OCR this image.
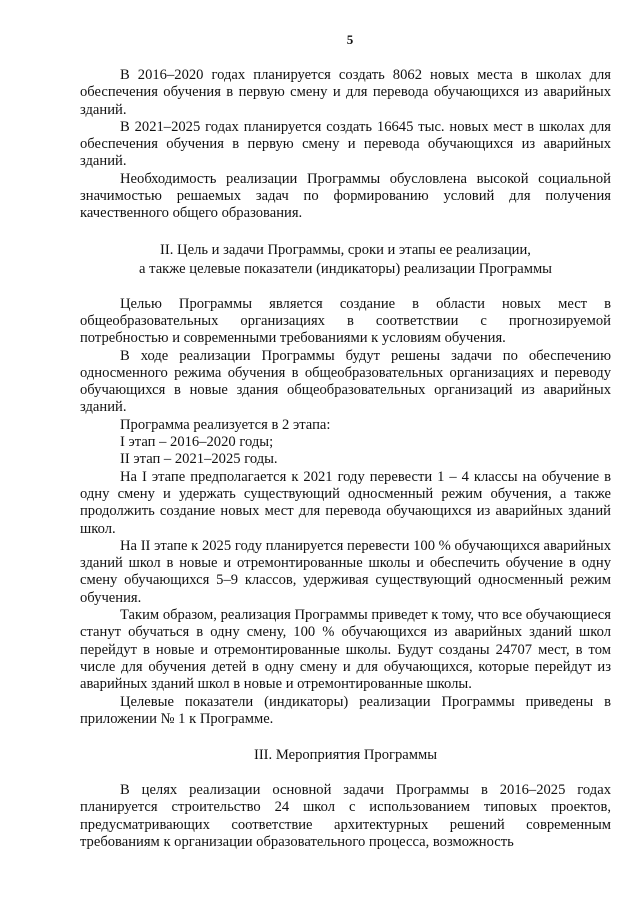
5

В 2016–2020 годах планируется создать 8062 новых места в школах для обеспечения обучения в первую смену и для перевода обучающихся из аварийных зданий.

В 2021–2025 годах планируется создать 16645 тыс. новых мест в школах для обеспечения обучения в первую смену и перевода обучающихся из аварийных зданий.

Необходимость реализации Программы обусловлена высокой социальной значимостью решаемых задач по формированию условий для получения качественного общего образования.

II. Цель и задачи Программы, сроки и этапы ее реализации,
а также целевые показатели (индикаторы) реализации Программы

Целью Программы является создание в области новых мест в общеобразовательных организациях в соответствии с прогнозируемой потребностью и современными требованиями к условиям обучения.

В ходе реализации Программы будут решены задачи по обеспечению односменного режима обучения в общеобразовательных организациях и переводу обучающихся в новые здания общеобразовательных организаций из аварийных зданий.

Программа реализуется в 2 этапа:

I этап – 2016–2020 годы;

II этап – 2021–2025 годы.

На I этапе предполагается к 2021 году перевести 1 – 4 классы на обучение в одну смену и удержать существующий односменный режим обучения, а также продолжить создание новых мест для перевода обучающихся из аварийных зданий школ.

На II этапе к 2025 году планируется перевести 100 % обучающихся аварийных зданий школ в новые и отремонтированные школы и обеспечить обучение в одну смену обучающихся 5–9 классов, удерживая существующий односменный режим обучения.

Таким образом, реализация Программы приведет к тому, что все обучающиеся станут обучаться в одну смену, 100 % обучающихся из аварийных зданий школ перейдут в новые и отремонтированные школы. Будут созданы 24707 мест, в том числе для обучения детей в одну смену и для обучающихся, которые перейдут из аварийных зданий школ в новые и отремонтированные школы.

Целевые показатели (индикаторы) реализации Программы приведены в приложении № 1 к Программе.

III. Мероприятия Программы

В целях реализации основной задачи Программы в 2016–2025 годах планируется строительство 24 школ с использованием типовых проектов, предусматривающих соответствие архитектурных решений современным требованиям к организации образовательного процесса, возможность
